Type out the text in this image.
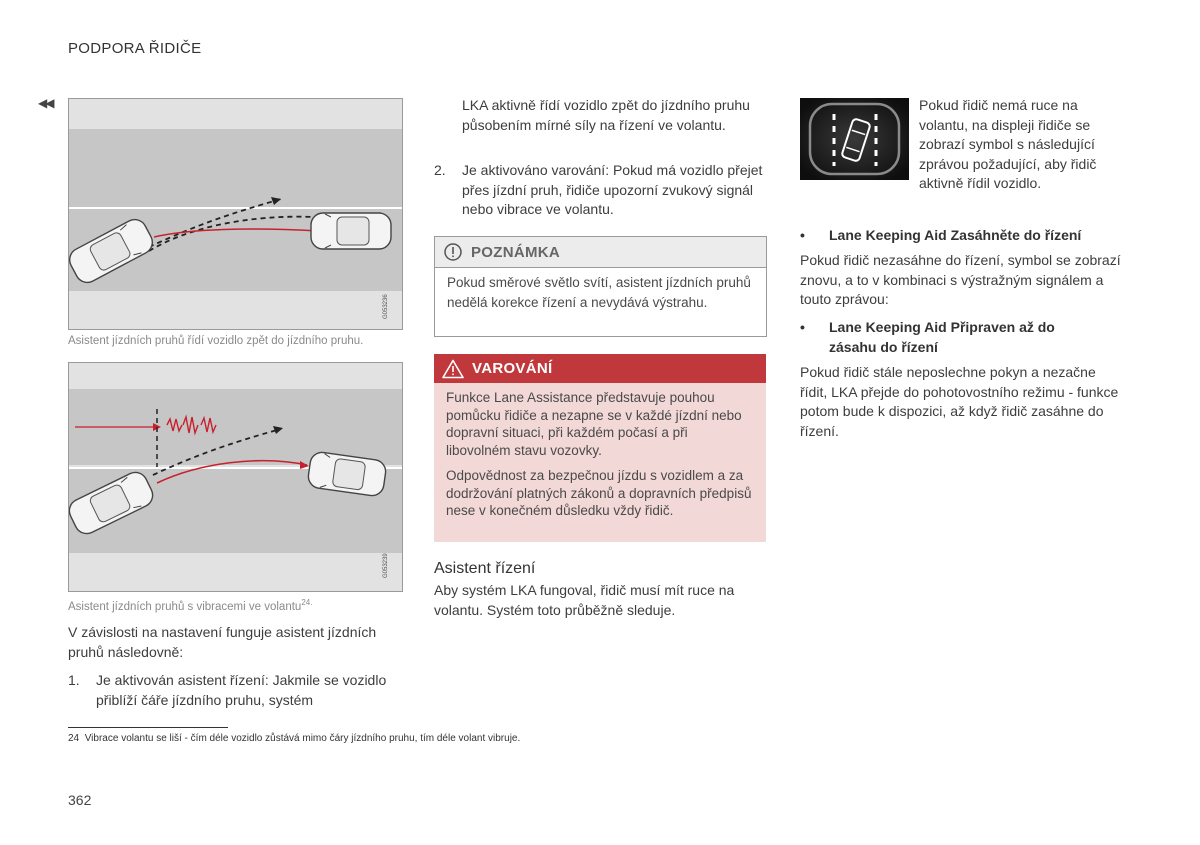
PODPORA ŘIDIČE
◀◀
G053236
Asistent jízdních pruhů řídí vozidlo zpět do jízdního pruhu.
G053239
Asistent jízdních pruhů s vibracemi ve volantu$^{24.}$
V závislosti na nastavení funguje asistent jízdních pruhů následovně:
1. Je aktivován asistent řízení: Jakmile se vozidlo přiblíží čáře jízdního pruhu, systém
LKA aktivně řídí vozidlo zpět do jízdního pruhu působením mírné síly na řízení ve volantu.
2. Je aktivováno varování: Pokud má vozidlo přejet přes jízdní pruh, řidiče upozorní zvukový signál nebo vibrace ve volantu.
POZNÁMKA
Pokud směrové světlo svítí, asistent jízdních pruhů nedělá korekce řízení a nevydává výstrahu.
VAROVÁNÍ

Funkce Lane Assistance představuje pouhou pomůcku řidiče a nezapne se v každé jízdní nebo dopravní situaci, při každém počasí a při libovolném stavu vozovky.

Odpovědnost za bezpečnou jízdu s vozidlem a za dodržování platných zákonů a dopravních předpisů nese v konečném důsledku vždy řidič.

Asistent řízení
Aby systém LKA fungoval, řidič musí mít ruce na volantu. Systém toto průběžně sleduje.
Pokud řidič nemá ruce na volantu, na displeji řidiče se zobrazí symbol s následující zprávou požadující, aby řidič aktivně řídil vozidlo.
• Lane Keeping Aid Zasáhněte do řízení
Pokud řidič nezasáhne do řízení, symbol se zobrazí znovu, a to v kombinaci s výstražným signálem a touto zprávou:
• Lane Keeping Aid Připraven až do zásahu do řízení
Pokud řidič stále neposlechne pokyn a nezačne řídit, LKA přejde do pohotovostního režimu - funkce potom bude k dispozici, až když řidič zasáhne do řízení.
24 Vibrace volantu se liší - čím déle vozidlo zůstává mimo čáry jízdního pruhu, tím déle volant vibruje.
362
